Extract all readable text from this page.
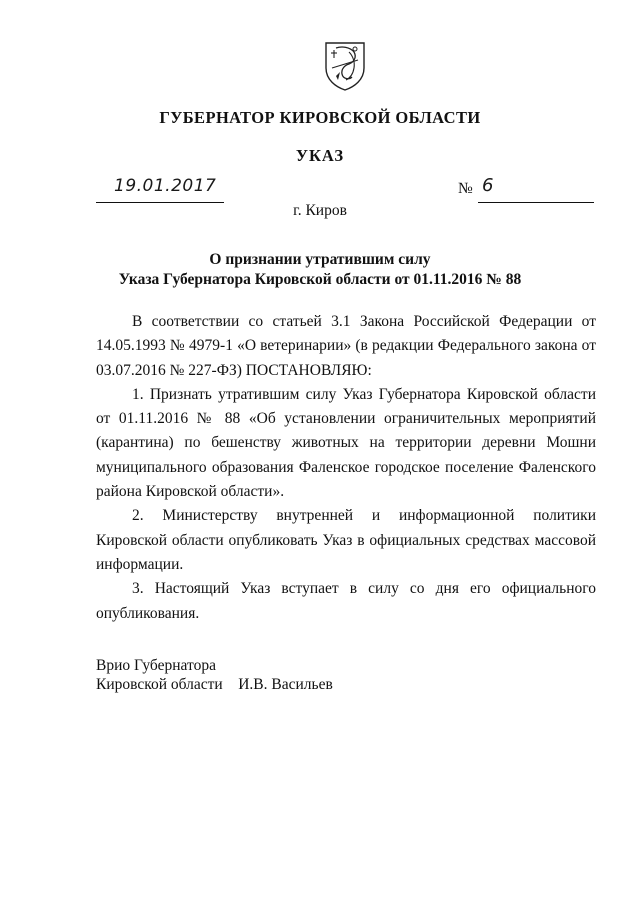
ГУБЕРНАТОР КИРОВСКОЙ ОБЛАСТИ
УКАЗ
19.01.2017	№ 6
г. Киров
О признании утратившим силу
Указа Губернатора Кировской области от 01.11.2016 № 88

В соответствии со статьей 3.1 Закона Российской Федерации от 14.05.1993 № 4979-1 «О ветеринарии» (в редакции Федерального закона от 03.07.2016 № 227-ФЗ) ПОСТАНОВЛЯЮ:

1. Признать утратившим силу Указ Губернатора Кировской области от 01.11.2016 № 88 «Об установлении ограничительных мероприятий (карантина) по бешенству животных на территории деревни Мошни муниципального образования Фаленское городское поселение Фаленского района Кировской области».

2. Министерству внутренней и информационной политики Кировской области опубликовать Указ в официальных средствах массовой информации.

3. Настоящий Указ вступает в силу со дня его официального опубликования.

Врио Губернатора
Кировской области И.В. Васильев
